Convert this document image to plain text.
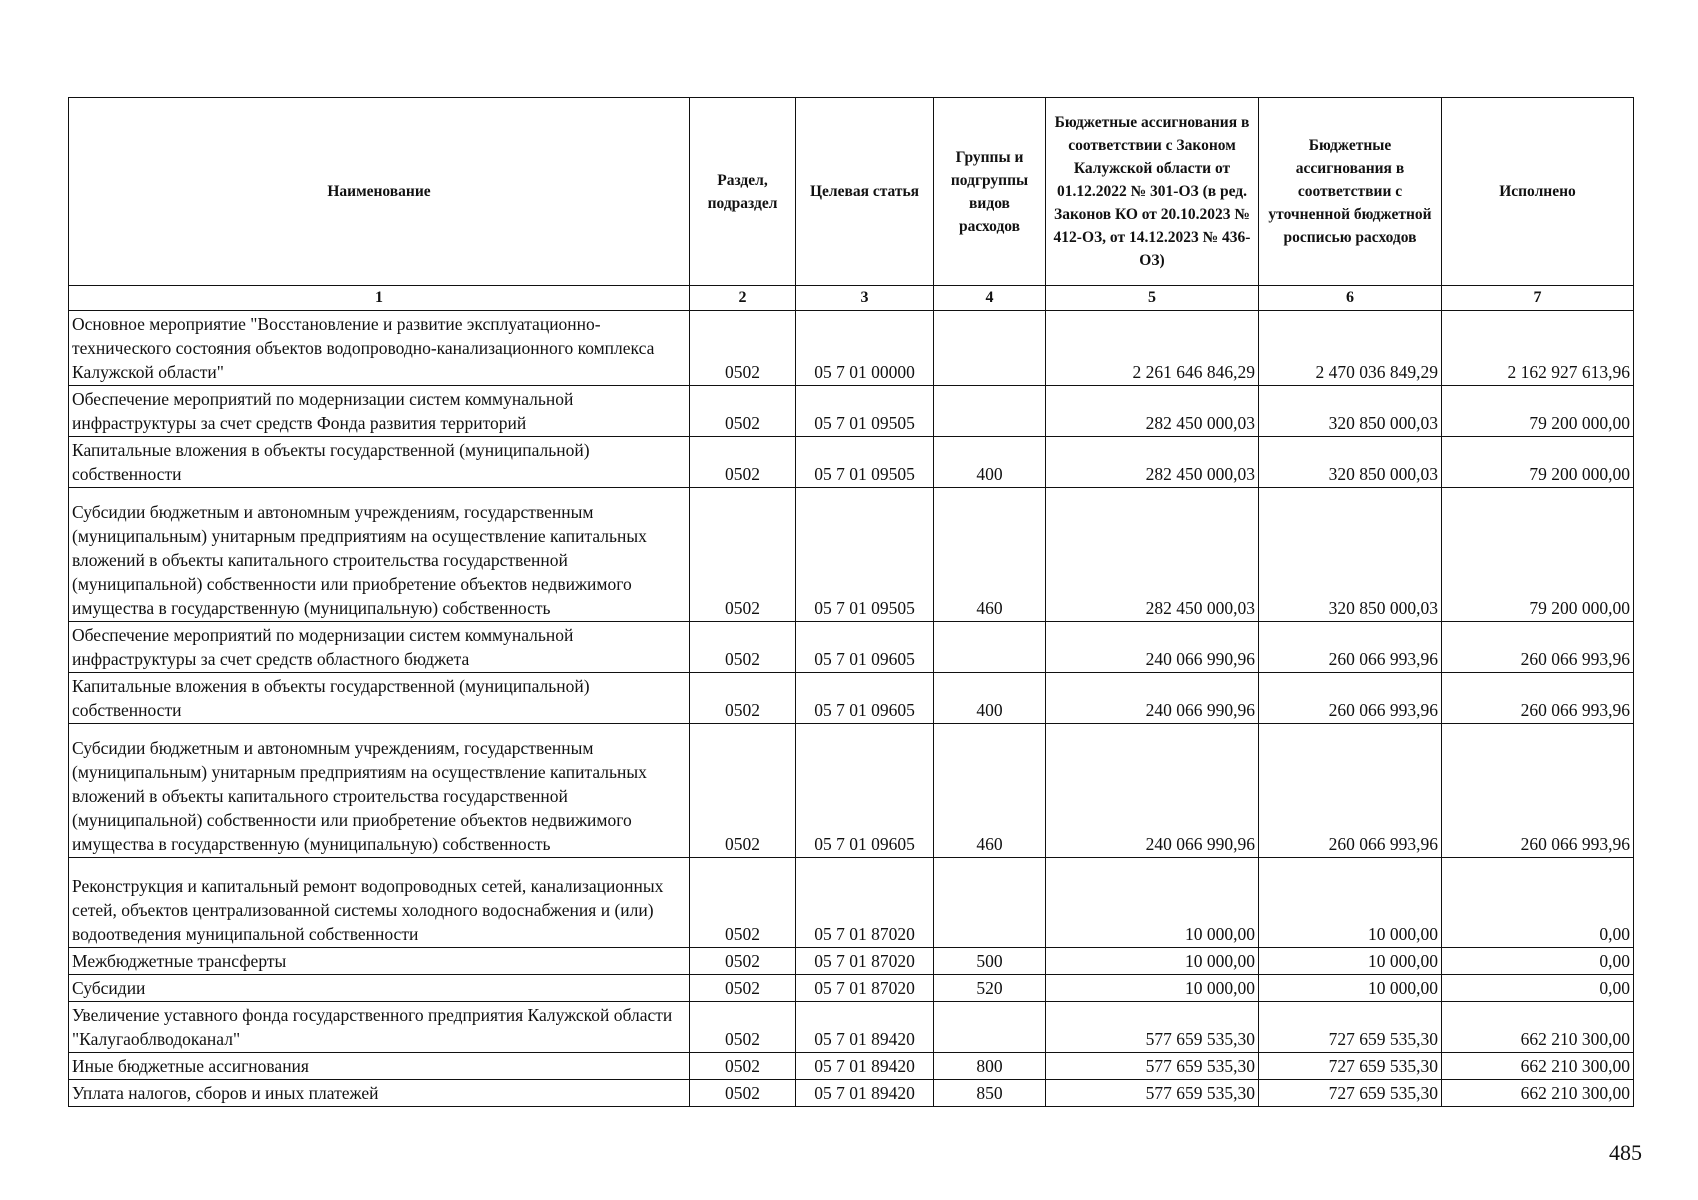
Наименование	Раздел, подраздел	Целевая статья	Группы и подгруппы видов расходов	Бюджетные ассигнования в соответствии с Законом Калужской области от 01.12.2022 № 301-ОЗ (в ред. Законов КО от 20.10.2023 № 412-ОЗ, от 14.12.2023 № 436-ОЗ)	Бюджетные ассигнования в соответствии с уточненной бюджетной росписью расходов	Исполнено
1	2	3	4	5	6	7
Основное мероприятие "Восстановление и развитие эксплуатационно-технического состояния объектов водопроводно-канализационного комплекса Калужской области"	0502	05 7 01 00000		2 261 646 846,29	2 470 036 849,29	2 162 927 613,96
Обеспечение мероприятий по модернизации систем коммунальной инфраструктуры за счет средств Фонда развития территорий	0502	05 7 01 09505		282 450 000,03	320 850 000,03	79 200 000,00
Капитальные вложения в объекты государственной (муниципальной) собственности	0502	05 7 01 09505	400	282 450 000,03	320 850 000,03	79 200 000,00
Субсидии бюджетным и автономным учреждениям, государственным (муниципальным) унитарным предприятиям на осуществление капитальных вложений в объекты капитального строительства государственной (муниципальной) собственности или приобретение объектов недвижимого имущества в государственную (муниципальную) собственность	0502	05 7 01 09505	460	282 450 000,03	320 850 000,03	79 200 000,00
Обеспечение мероприятий по модернизации систем коммунальной инфраструктуры за счет средств областного бюджета	0502	05 7 01 09605		240 066 990,96	260 066 993,96	260 066 993,96
Капитальные вложения в объекты государственной (муниципальной) собственности	0502	05 7 01 09605	400	240 066 990,96	260 066 993,96	260 066 993,96
Субсидии бюджетным и автономным учреждениям, государственным (муниципальным) унитарным предприятиям на осуществление капитальных вложений в объекты капитального строительства государственной (муниципальной) собственности или приобретение объектов недвижимого имущества в государственную (муниципальную) собственность	0502	05 7 01 09605	460	240 066 990,96	260 066 993,96	260 066 993,96
Реконструкция и капитальный ремонт водопроводных сетей, канализационных сетей, объектов централизованной системы холодного водоснабжения и (или) водоотведения муниципальной собственности	0502	05 7 01 87020		10 000,00	10 000,00	0,00
Межбюджетные трансферты	0502	05 7 01 87020	500	10 000,00	10 000,00	0,00
Субсидии	0502	05 7 01 87020	520	10 000,00	10 000,00	0,00
Увеличение уставного фонда государственного предприятия Калужской области "Калугаоблводоканал"	0502	05 7 01 89420		577 659 535,30	727 659 535,30	662 210 300,00
Иные бюджетные ассигнования	0502	05 7 01 89420	800	577 659 535,30	727 659 535,30	662 210 300,00
Уплата налогов, сборов и иных платежей	0502	05 7 01 89420	850	577 659 535,30	727 659 535,30	662 210 300,00
485
